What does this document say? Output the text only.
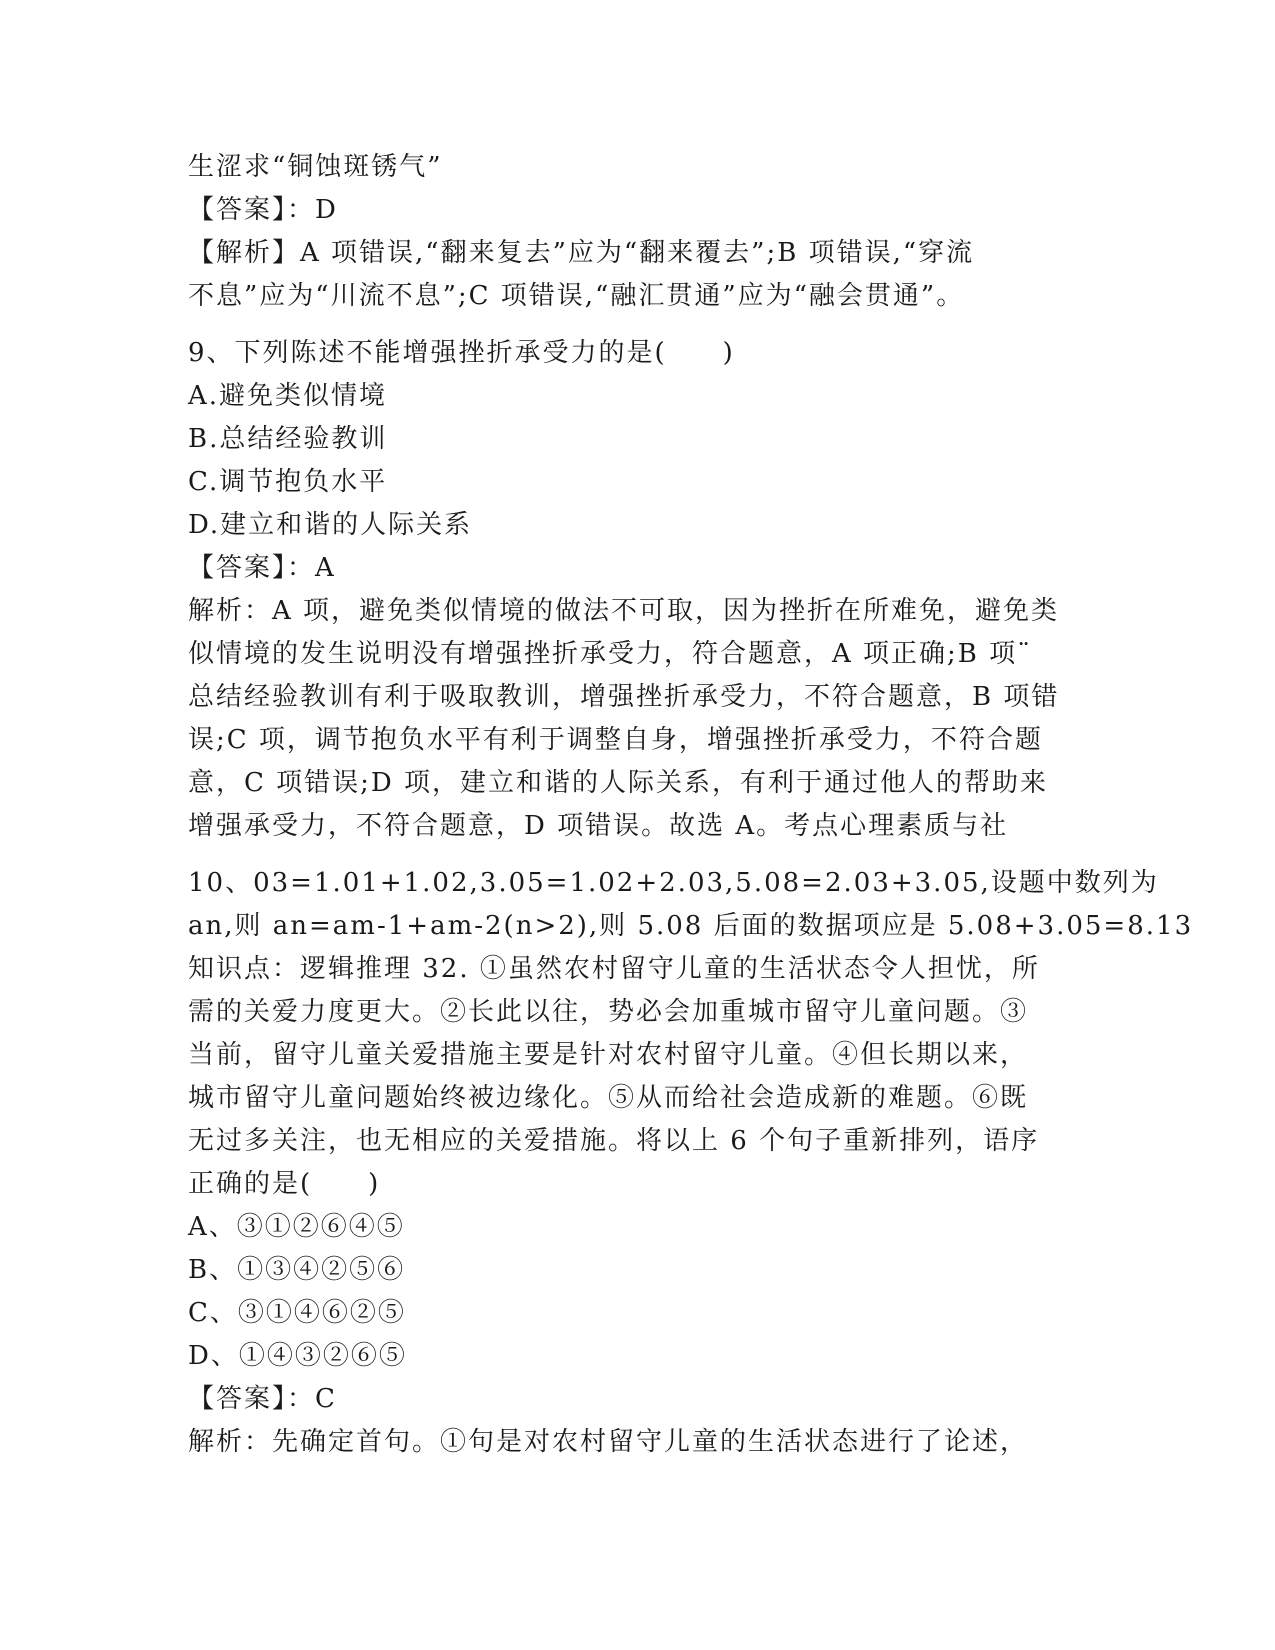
生涩求“铜蚀斑锈气”

【答案】：D

【解析】A 项错误,“翻来复去”应为“翻来覆去”;B 项错误,“穿流

不息”应为“川流不息”;C 项错误,“融汇贯通”应为“融会贯通”。

9、下列陈述不能增强挫折承受力的是(　　)

A.避免类似情境

B.总结经验教训

C.调节抱负水平

D.建立和谐的人际关系

【答案】：A

解析：A 项，避免类似情境的做法不可取，因为挫折在所难免，避免类

似情境的发生说明没有增强挫折承受力，符合题意，A 项正确;B 项¨

总结经验教训有利于吸取教训，增强挫折承受力，不符合题意，B 项错

误;C 项，调节抱负水平有利于调整自身，增强挫折承受力，不符合题

意，C 项错误;D 项，建立和谐的人际关系，有利于通过他人的帮助来

增强承受力，不符合题意，D 项错误。故选 A。考点心理素质与社

10、03=1.01+1.02,3.05=1.02+2.03,5.08=2.03+3.05,设题中数列为

an,则 an=am-1+am-2(n>2),则 5.08 后面的数据项应是 5.08+3.05=8.13

知识点：逻辑推理 32. ①虽然农村留守儿童的生活状态令人担忧，所

需的关爱力度更大。②长此以往，势必会加重城市留守儿童问题。③

当前，留守儿童关爱措施主要是针对农村留守儿童。④但长期以来，

城市留守儿童问题始终被边缘化。⑤从而给社会造成新的难题。⑥既

无过多关注，也无相应的关爱措施。将以上 6 个句子重新排列，语序

正确的是(　　)

A、③①②⑥④⑤

B、①③④②⑤⑥

C、③①④⑥②⑤

D、①④③②⑥⑤

【答案】：C

解析：先确定首句。①句是对农村留守儿童的生活状态进行了论述，
